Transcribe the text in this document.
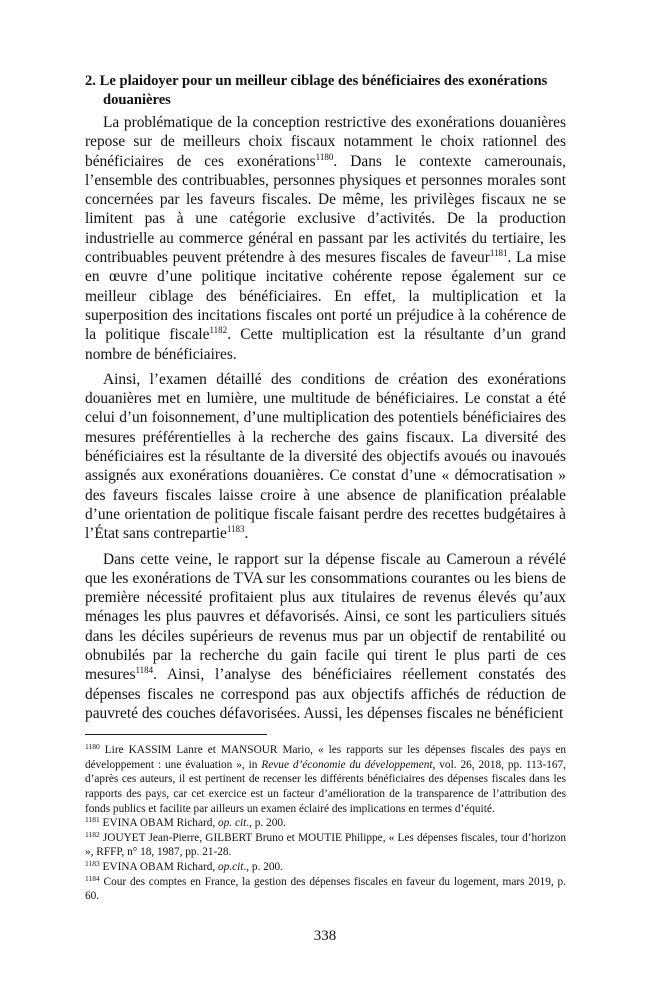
2. Le plaidoyer pour un meilleur ciblage des bénéficiaires des exonérations douanières

La problématique de la conception restrictive des exonérations douanières repose sur de meilleurs choix fiscaux notamment le choix rationnel des bénéficiaires de ces exonérations$^{1180}$. Dans le contexte camerounais, l’ensemble des contribuables, personnes physiques et personnes morales sont concernées par les faveurs fiscales. De même, les privilèges fiscaux ne se limitent pas à une catégorie exclusive d’activités. De la production industrielle au commerce général en passant par les activités du tertiaire, les contribuables peuvent prétendre à des mesures fiscales de faveur$^{1181}$. La mise en œuvre d’une politique incitative cohérente repose également sur ce meilleur ciblage des bénéficiaires. En effet, la multiplication et la superposition des incitations fiscales ont porté un préjudice à la cohérence de la politique fiscale$^{1182}$. Cette multiplication est la résultante d’un grand nombre de bénéficiaires.

Ainsi, l’examen détaillé des conditions de création des exonérations douanières met en lumière, une multitude de bénéficiaires. Le constat a été celui d’un foisonnement, d’une multiplication des potentiels bénéficiaires des mesures préférentielles à la recherche des gains fiscaux. La diversité des bénéficiaires est la résultante de la diversité des objectifs avoués ou inavoués assignés aux exonérations douanières. Ce constat d’une « démocratisation » des faveurs fiscales laisse croire à une absence de planification préalable d’une orientation de politique fiscale faisant perdre des recettes budgétaires à l’État sans contrepartie$^{1183}$.

Dans cette veine, le rapport sur la dépense fiscale au Cameroun a révélé que les exonérations de TVA sur les consommations courantes ou les biens de première nécessité profitaient plus aux titulaires de revenus élevés qu’aux ménages les plus pauvres et défavorisés. Ainsi, ce sont les particuliers situés dans les déciles supérieurs de revenus mus par un objectif de rentabilité ou obnubilés par la recherche du gain facile qui tirent le plus parti de ces mesures$^{1184}$. Ainsi, l’analyse des bénéficiaires réellement constatés des dépenses fiscales ne correspond pas aux objectifs affichés de réduction de pauvreté des couches défavorisées. Aussi, les dépenses fiscales ne bénéficient

$^{1180}$ Lire KASSIM Lanre et MANSOUR Mario, « les rapports sur les dépenses fiscales des pays en développement : une évaluation », in Revue d’économie du développement, vol. 26, 2018, pp. 113-167, d’après ces auteurs, il est pertinent de recenser les différents bénéficiaires des dépenses fiscales dans les rapports des pays, car cet exercice est un facteur d’amélioration de la transparence de l’attribution des fonds publics et facilite par ailleurs un examen éclairé des implications en termes d’équité.

$^{1181}$ EVINA OBAM Richard, op. cit., p. 200.

$^{1182}$ JOUYET Jean-Pierre, GILBERT Bruno et MOUTIE Philippe, « Les dépenses fiscales, tour d’horizon », RFFP, n° 18, 1987, pp. 21-28.

$^{1183}$ EVINA OBAM Richard, op.cit., p. 200.

$^{1184}$ Cour des comptes en France, la gestion des dépenses fiscales en faveur du logement, mars 2019, p. 60.

338
